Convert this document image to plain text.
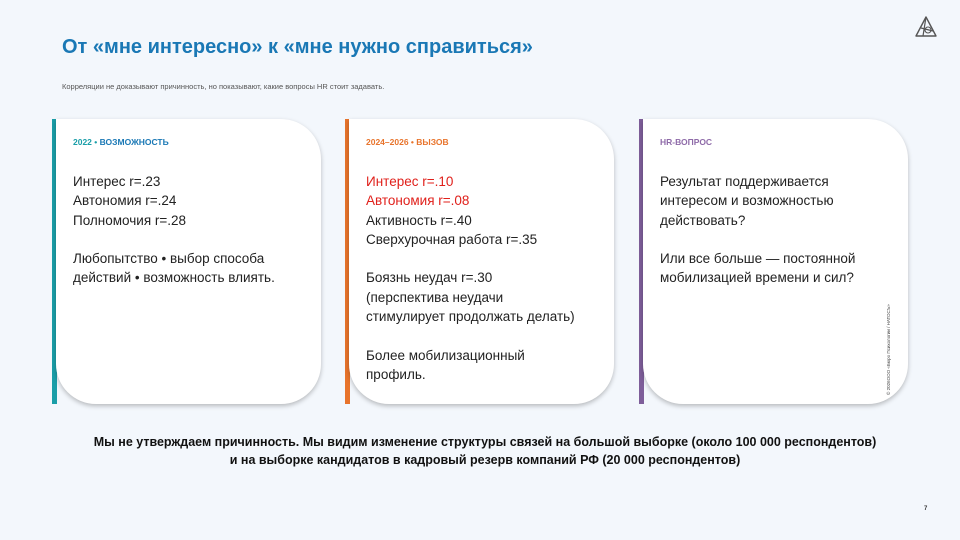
От «мне интересно» к «мне нужно справиться»
Корреляции не доказывают причинность, но показывают, какие вопросы HR стоит задавать.
2022 • ВОЗМОЖНОСТЬ
Интерес r=.23
Автономия r=.24
Полномочия r=.28
Любопытство • выбор способа действий • возможность влиять.
2024–2026 • ВЫЗОВ
Интерес r=.10
Автономия r=.08
Активность r=.40
Сверхурочная работа r=.35
Боязнь неудач r=.30
(перспектива неудачи
стимулирует продолжать делать)
Более мобилизационный
профиль.
HR-ВОПРОС
Результат поддерживается интересом и возможностью действовать?
Или все больше — постоянной мобилизацией времени и сил?
Мы не утверждаем причинность. Мы видим изменение структуры связей на большой выборке (около 100 000 респондентов) и на выборке кандидатов в кадровый резерв компаний РФ (20 000 респондентов)
© 2026ООО «Бюро Психологии / НАТОСЪ»
7
